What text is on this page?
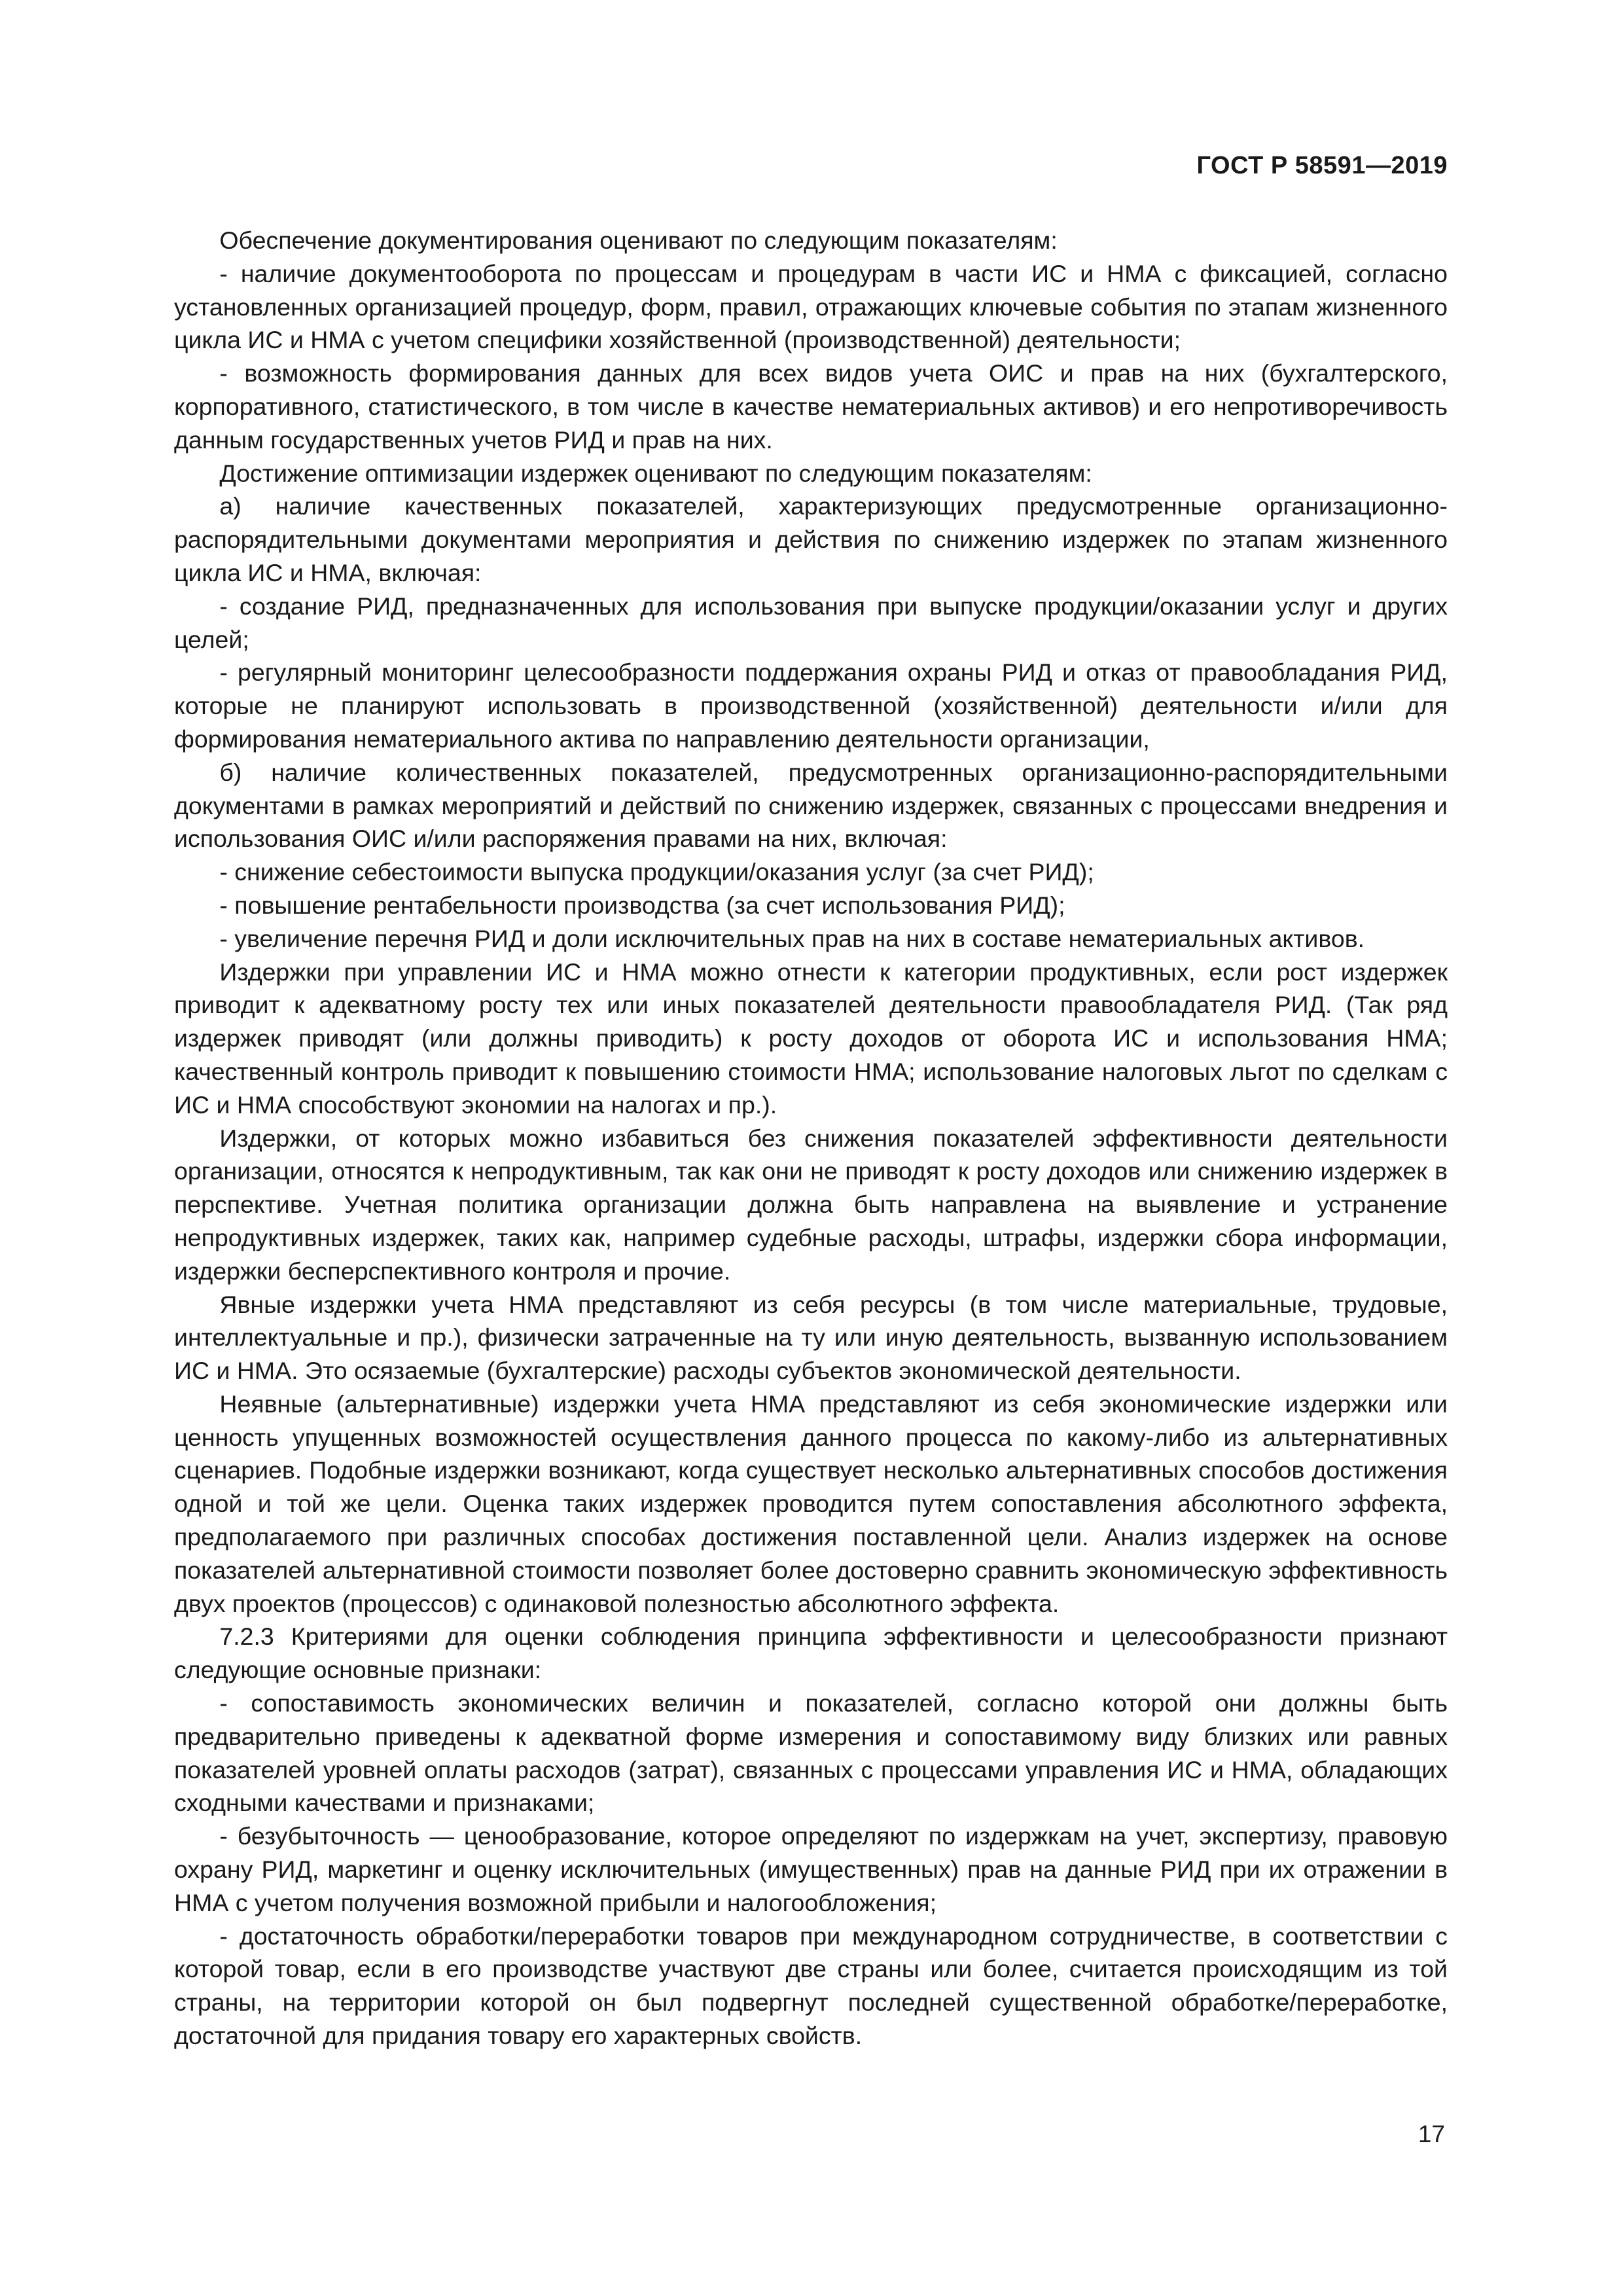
ГОСТ Р 58591—2019

Обеспечение документирования оценивают по следующим показателям:

- наличие документооборота по процессам и процедурам в части ИС и НМА с фиксацией, согласно установленных организацией процедур, форм, правил, отражающих ключевые события по этапам жизненного цикла ИС и НМА с учетом специфики хозяйственной (производственной) деятельности;

- возможность формирования данных для всех видов учета ОИС и прав на них (бухгалтерского, корпоративного, статистического, в том числе в качестве нематериальных активов) и его непротиворечивость данным государственных учетов РИД и прав на них.

Достижение оптимизации издержек оценивают по следующим показателям:

а) наличие качественных показателей, характеризующих предусмотренные организационно-распорядительными документами мероприятия и действия по снижению издержек по этапам жизненного цикла ИС и НМА, включая:

- создание РИД, предназначенных для использования при выпуске продукции/оказании услуг и других целей;

- регулярный мониторинг целесообразности поддержания охраны РИД и отказ от правообладания РИД, которые не планируют использовать в производственной (хозяйственной) деятельности и/или для формирования нематериального актива по направлению деятельности организации,

б) наличие количественных показателей, предусмотренных организационно-распорядительными документами в рамках мероприятий и действий по снижению издержек, связанных с процессами внедрения и использования ОИС и/или распоряжения правами на них, включая:

- снижение себестоимости выпуска продукции/оказания услуг (за счет РИД);

- повышение рентабельности производства (за счет использования РИД);

- увеличение перечня РИД и доли исключительных прав на них в составе нематериальных активов.

Издержки при управлении ИС и НМА можно отнести к категории продуктивных, если рост издержек приводит к адекватному росту тех или иных показателей деятельности правообладателя РИД. (Так ряд издержек приводят (или должны приводить) к росту доходов от оборота ИС и использования НМА; качественный контроль приводит к повышению стоимости НМА; использование налоговых льгот по сделкам с ИС и НМА способствуют экономии на налогах и пр.).

Издержки, от которых можно избавиться без снижения показателей эффективности деятельности организации, относятся к непродуктивным, так как они не приводят к росту доходов или снижению издержек в перспективе. Учетная политика организации должна быть направлена на выявление и устранение непродуктивных издержек, таких как, например судебные расходы, штрафы, издержки сбора информации, издержки бесперспективного контроля и прочие.

Явные издержки учета НМА представляют из себя ресурсы (в том числе материальные, трудовые, интеллектуальные и пр.), физически затраченные на ту или иную деятельность, вызванную использованием ИС и НМА. Это осязаемые (бухгалтерские) расходы субъектов экономической деятельности.

Неявные (альтернативные) издержки учета НМА представляют из себя экономические издержки или ценность упущенных возможностей осуществления данного процесса по какому-либо из альтернативных сценариев. Подобные издержки возникают, когда существует несколько альтернативных способов достижения одной и той же цели. Оценка таких издержек проводится путем сопоставления абсолютного эффекта, предполагаемого при различных способах достижения поставленной цели. Анализ издержек на основе показателей альтернативной стоимости позволяет более достоверно сравнить экономическую эффективность двух проектов (процессов) с одинаковой полезностью абсолютного эффекта.

7.2.3 Критериями для оценки соблюдения принципа эффективности и целесообразности признают следующие основные признаки:

- сопоставимость экономических величин и показателей, согласно которой они должны быть предварительно приведены к адекватной форме измерения и сопоставимому виду близких или равных показателей уровней оплаты расходов (затрат), связанных с процессами управления ИС и НМА, обладающих сходными качествами и признаками;

- безубыточность — ценообразование, которое определяют по издержкам на учет, экспертизу, правовую охрану РИД, маркетинг и оценку исключительных (имущественных) прав на данные РИД при их отражении в НМА с учетом получения возможной прибыли и налогообложения;

- достаточность обработки/переработки товаров при международном сотрудничестве, в соответствии с которой товар, если в его производстве участвуют две страны или более, считается происходящим из той страны, на территории которой он был подвергнут последней существенной обработке/переработке, достаточной для придания товару его характерных свойств.

17
